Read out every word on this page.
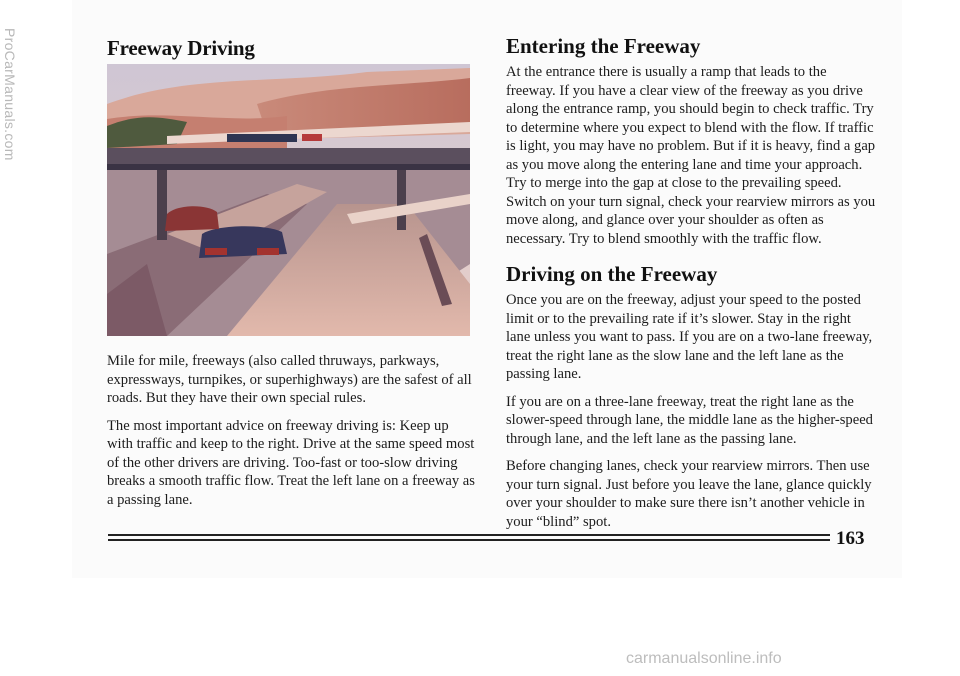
ProCarManuals.com	Freeway Driving

Mile for mile, freeways (also called thruways, parkways, expressways, turnpikes, or superhighways) are the safest of all roads. But they have their own special rules.

The most important advice on freeway driving is: Keep up with traffic and keep to the right. Drive at the same speed most of the other drivers are driving. Too-fast or too-slow driving breaks a smooth traffic flow. Treat the left lane on a freeway as a passing lane.

Entering the Freeway

At the entrance there is usually a ramp that leads to the freeway. If you have a clear view of the freeway as you drive along the entrance ramp, you should begin to check traffic. Try to determine where you expect to blend with the flow. If traffic is light, you may have no problem. But if it is heavy, find a gap as you move along the entering lane and time your approach. Try to merge into the gap at close to the prevailing speed. Switch on your turn signal, check your rearview mirrors as you move along, and glance over your shoulder as often as necessary. Try to blend smoothly with the traffic flow.

Driving on the Freeway

Once you are on the freeway, adjust your speed to the posted limit or to the prevailing rate if it’s slower. Stay in the right lane unless you want to pass. If you are on a two-lane freeway, treat the right lane as the slow lane and the left lane as the passing lane.

If you are on a three-lane freeway, treat the right lane as the slower-speed through lane, the middle lane as the higher-speed through lane, and the left lane as the passing lane.

Before changing lanes, check your rearview mirrors. Then use your turn signal. Just before you leave the lane, glance quickly over your shoulder to make sure there isn’t another vehicle in your “blind” spot.

163
carmanualsonline.info
